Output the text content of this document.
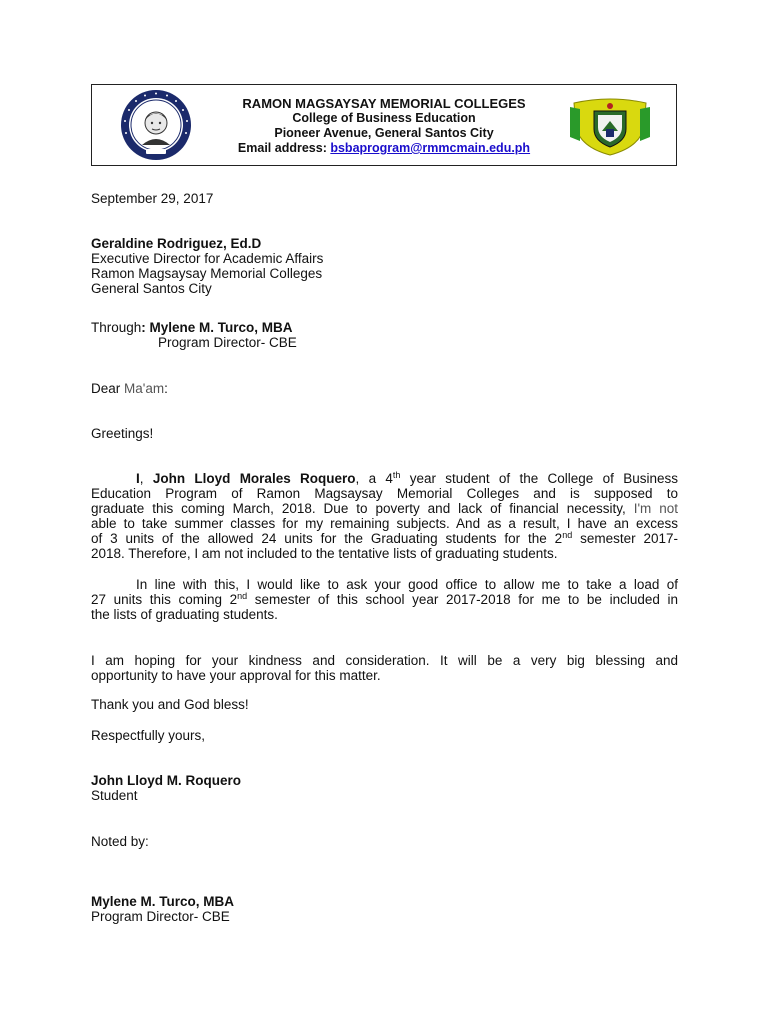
RAMON MAGSAYSAY MEMORIAL COLLEGES
College of Business Education
Pioneer Avenue, General Santos City
Email address: bsbaprogram@rmmcmain.edu.ph
September 29, 2017
Geraldine Rodriguez, Ed.D
Executive Director for Academic Affairs
Ramon Magsaysay Memorial Colleges
General Santos City
Through: Mylene M. Turco, MBA
Program Director- CBE
Dear Ma'am:
Greetings!
I, John Lloyd Morales Roquero, a 4th year student of the College of Business
Education Program of Ramon Magsaysay Memorial Colleges and is supposed to
graduate this coming March, 2018. Due to poverty and lack of financial necessity, I'm not
able to take summer classes for my remaining subjects. And as a result, I have an excess
of 3 units of the allowed 24 units for the Graduating students for the 2nd semester 2017-
2018. Therefore, I am not included to the tentative lists of graduating students.
In line with this, I would like to ask your good office to allow me to take a load of
27 units this coming 2nd semester of this school year 2017-2018 for me to be included in
the lists of graduating students.
I am hoping for your kindness and consideration. It will be a very big blessing and
opportunity to have your approval for this matter.
Thank you and God bless!
Respectfully yours,
John Lloyd M. Roquero
Student
Noted by:
Mylene M. Turco, MBA
Program Director- CBE
